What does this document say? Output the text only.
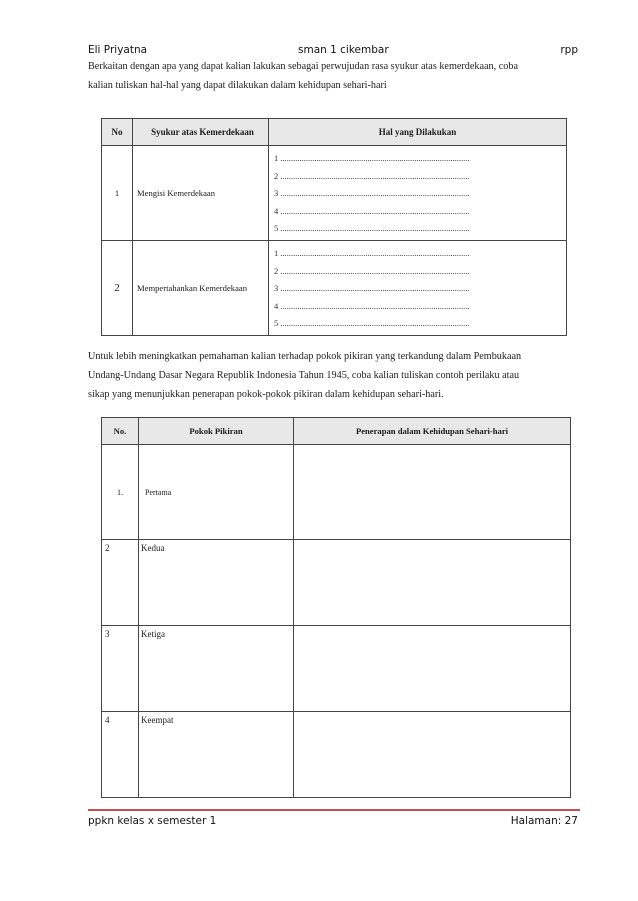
Eli Priyatna	sman 1 cikembar	rpp
Berkaitan dengan apa yang dapat kalian lakukan sebagai perwujudan rasa syukur atas kemerdekaan, coba
kalian tuliskan hal-hal yang dapat dilakukan dalam kehidupan sehari-hari
No	Syukur atas Kemerdekaan	Hal yang Dilakukan
1	Mengisi Kemerdekaan	1 .........................................................................................
2 .........................................................................................
3 .........................................................................................
4 .........................................................................................
5 .........................................................................................

2	Mempertahankan Kemerdekaan	1 .........................................................................................
2 .........................................................................................
3 .........................................................................................
4 .........................................................................................
5 .........................................................................................
Untuk lebih meningkatkan pemahaman kalian terhadap pokok pikiran yang terkandung dalam Pembukaan
Undang-Undang Dasar Negara Republik Indonesia Tahun 1945, coba kalian tuliskan contoh perilaku atau
sikap yang menunjukkan penerapan pokok-pokok pikiran dalam kehidupan sehari-hari.
No.	Pokok Pikiran	Penerapan dalam Kehidupan Sehari-hari
1.	Pertama	
2	Kedua	
3	Ketiga	
4	Keempat	
ppkn kelas x semester 1	Halaman: 27
